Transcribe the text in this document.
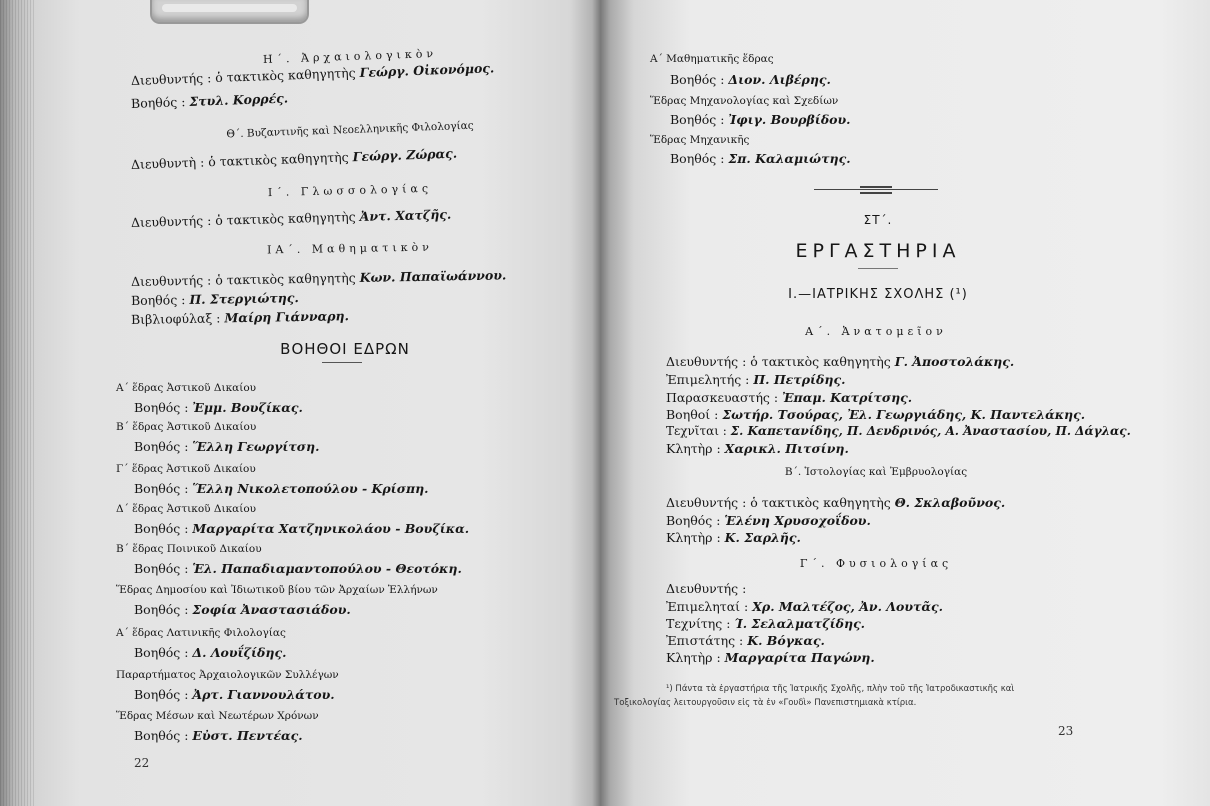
H΄. Ἀρχαιολογικὸν
Διευθυντής : ὁ τακτικὸς καθηγητὴς Γεώργ. Οἰκονόμος.
Βοηθός : Στυλ. Κορρές.
Θ΄. Βυζαντινῆς καὶ Νεοελληνικῆς Φιλολογίας
Διευθυντὴ : ὁ τακτικὸς καθηγητὴς Γεώργ. Ζώρας.
Ι΄. Γλωσσολογίας
Διευθυντής : ὁ τακτικὸς καθηγητὴς Ἀντ. Χατζῆς.
ΙΑ΄. Μαθηματικὸν
Διευθυντής : ὁ τακτικὸς καθηγητὴς Κων. Παπαϊωάννου.
Βοηθός : Π. Στεργιώτης.
Βιβλιοφύλαξ : Μαίρη Γιάνναρη.
ΒΟΗΘΟΙ ΕΔΡΩΝ
Α΄ ἕδρας Ἀστικοῦ Δικαίου
Βοηθός : Ἐμμ. Βουζίκας.
Β΄ ἕδρας Ἀστικοῦ Δικαίου
Βοηθός : Ἕλλη Γεωργίτση.
Γ΄ ἕδρας Ἀστικοῦ Δικαίου
Βοηθός : Ἕλλη Νικολετοπούλου - Κρίσπη.
Δ΄ ἕδρας Ἀστικοῦ Δικαίου
Βοηθός : Μαργαρίτα Χατζηνικολάου - Βουζίκα.
Β΄ ἕδρας Ποινικοῦ Δικαίου
Βοηθός : Ἑλ. Παπαδιαμαντοπούλου - Θεοτόκη.
Ἕδρας Δημοσίου καὶ Ἰδιωτικοῦ βίου τῶν Ἀρχαίων Ἑλλήνων
Βοηθός : Σοφία Ἀναστασιάδου.
Α΄ ἕδρας Λατινικῆς Φιλολογίας
Βοηθός : Δ. Λουΐζίδης.
Παραρτήματος Ἀρχαιολογικῶν Συλλέγων
Βοηθός : Ἀρτ. Γιαννουλάτου.
Ἕδρας Μέσων καὶ Νεωτέρων Χρόνων
Βοηθός : Εὐστ. Πεντέας.
22
Α΄ Μαθηματικῆς ἕδρας
Βοηθός : Διον. Λιβέρης.
Ἕδρας Μηχανολογίας καὶ Σχεδίων
Βοηθός : Ἰφιγ. Βουρβίδου.
Ἕδρας Μηχανικῆς
Βοηθός : Σπ. Καλαμιώτης.
ΣΤ΄.
ΕΡΓΑΣΤΗΡΙΑ
I.—ΙΑΤΡΙΚΗΣ ΣΧΟΛΗΣ (¹)
Α΄. Ἀνατομεῖον
Διευθυντής : ὁ τακτικὸς καθηγητὴς Γ. Ἀποστολάκης.
Ἐπιμελητής : Π. Πετρίδης.
Παρασκευαστής : Ἐπαμ. Κατρίτσης.
Βοηθοί : Σωτήρ. Τσούρας, Ἐλ. Γεωργιάδης, Κ. Παντελάκης.
Τεχνῖται : Σ. Καπετανίδης, Π. Δενδρινός, Α. Ἀναστασίου, Π. Δάγλας.
Κλητὴρ : Χαρικλ. Πιτσίνη.
Β΄. Ἱστολογίας καὶ Ἐμβρυολογίας
Διευθυντής : ὁ τακτικὸς καθηγητὴς Θ. Σκλαβοῦνος.
Βοηθός : Ἑλένη Χρυσοχοΐδου.
Κλητὴρ : Κ. Σαρλῆς.
Γ΄. Φυσιολογίας
Διευθυντής :
Ἐπιμεληταί : Χρ. Μαλτέζος, Ἀν. Λουτᾶς.
Τεχνίτης : Ί. Σελαλματζίδης.
Ἐπιστάτης : Κ. Βόγκας.
Κλητὴρ : Μαργαρίτα Παγώνη.
¹) Πάντα τὰ ἐργαστήρια τῆς Ἰατρικῆς Σχολῆς, πλὴν τοῦ τῆς Ἰατροδικαστικῆς καὶ
Τοξικολογίας λειτουργοῦσιν εἰς τὰ ἐν «Γουδὶ» Πανεπιστημιακὰ κτίρια.
23
